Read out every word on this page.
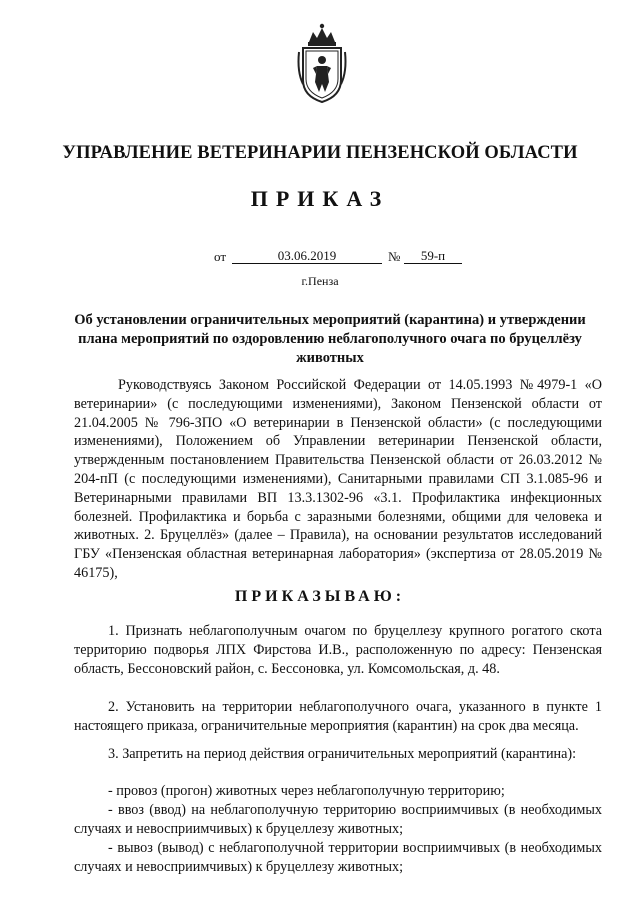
УПРАВЛЕНИЕ ВЕТЕРИНАРИИ ПЕНЗЕНСКОЙ ОБЛАСТИ
ПРИКАЗ
от	03.06.2019	№	59-п
г.Пенза
Об установлении ограничительных мероприятий (карантина) и утверждении плана мероприятий по оздоровлению неблагополучного очага по бруцеллёзу животных
Руководствуясь Законом Российской Федерации от 14.05.1993 №4979-1 «О ветеринарии» (с последующими изменениями), Законом Пензенской области от 21.04.2005 № 796-ЗПО «О ветеринарии в Пензенской области» (с последующими изменениями), Положением об Управлении ветеринарии Пензенской области, утвержденным постановлением Правительства Пензенской области от 26.03.2012 № 204-пП (с последующими изменениями), Санитарными правилами СП 3.1.085-96 и Ветеринарными правилами ВП 13.3.1302-96 «3.1. Профилактика инфекционных болезней. Профилактика и борьба с заразными болезнями, общими для человека и животных. 2. Бруцеллёз» (далее – Правила), на основании результатов исследований ГБУ «Пензенская областная ветеринарная лаборатория» (экспертиза от 28.05.2019 № 46175),
ПРИКАЗЫВАЮ:
1. Признать неблагополучным очагом по бруцеллезу крупного рогатого скота территорию подворья ЛПХ Фирстова И.В., расположенную по адресу: Пензенская область, Бессоновский район, с. Бессоновка, ул. Комсомольская, д. 48.
2. Установить на территории неблагополучного очага, указанного в пункте 1 настоящего приказа, ограничительные мероприятия (карантин) на срок два месяца.
3. Запретить на период действия ограничительных мероприятий (карантина):
- провоз (прогон) животных через неблагополучную территорию;
- ввоз (ввод) на неблагополучную территорию восприимчивых (в необходимых случаях и невосприимчивых) к бруцеллезу животных;
- вывоз (вывод) с неблагополучной территории восприимчивых (в необходимых случаях и невосприимчивых) к бруцеллезу животных;
